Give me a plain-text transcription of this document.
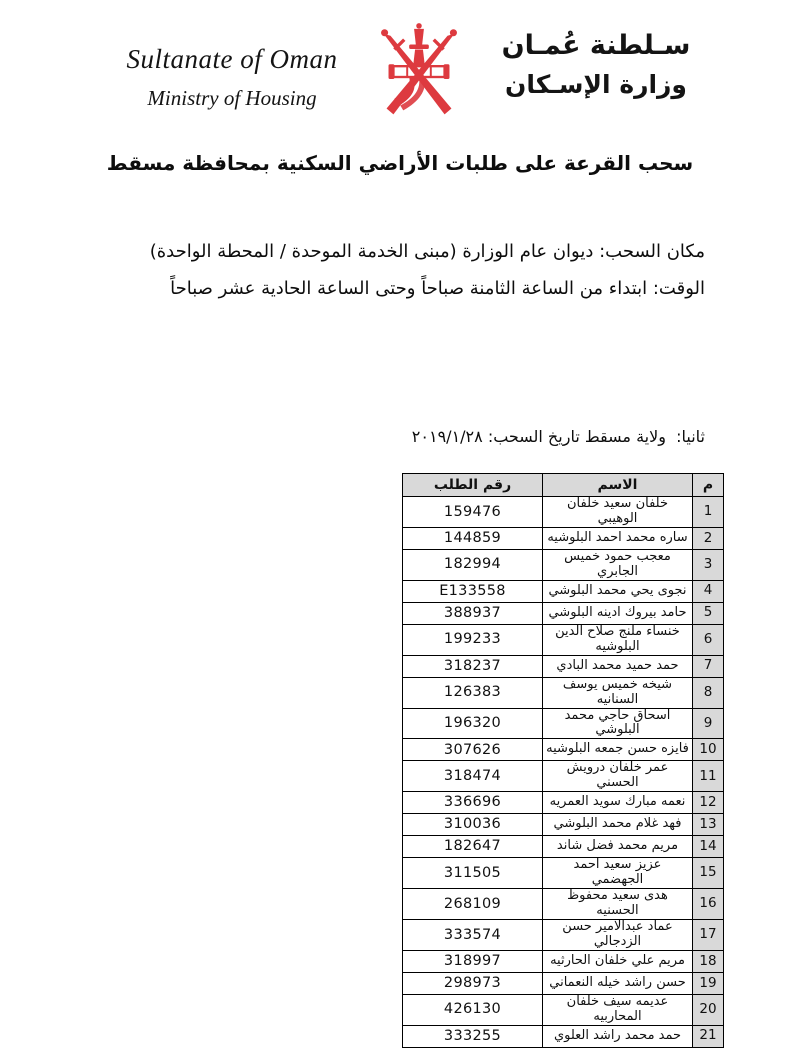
Sultanate of Oman
Ministry of Housing
سـلطنة عُمـان
وزارة الإسـكان
سحب القرعة على طلبات الأراضي السكنية بمحافظة مسقط
مكان السحب: ديوان عام الوزارة (مبنى الخدمة الموحدة / المحطة الواحدة)
الوقت: ابتداء من الساعة الثامنة صباحاً وحتى الساعة الحادية عشر صباحاً
ثانيا:  ولاية مسقط تاريخ السحب: ٢٠١٩/١/٢٨
م	الاسم	رقم الطلب
1	خلفان سعيد خلفان الوهيبي	159476
2	ساره محمد احمد البلوشيه	144859
3	معجب حمود خميس الجابري	182994
4	نجوى يحي محمد البلوشي	E133558
5	حامد بيروك ادينه البلوشي	388937
6	خنساء ملنج صلاح الدين البلوشيه	199233
7	حمد حميد محمد البادي	318237
8	شيخه خميس يوسف السنانيه	126383
9	اسحاق حاجي محمد البلوشي	196320
10	فايزه حسن جمعه البلوشيه	307626
11	عمر خلفان درويش الحسني	318474
12	نعمه مبارك سويد العمريه	336696
13	فهد غلام محمد البلوشي	310036
14	مريم محمد فضل شاند	182647
15	عزيز سعيد احمد الجهضمي	311505
16	هدى سعيد محفوظ الحسنيه	268109
17	عماد عبدالامير حسن الزدجالي	333574
18	مريم علي خلفان الحارثيه	318997
19	حسن راشد خيله النعماني	298973
20	عديمه سيف خلفان المحاربيه	426130
21	حمد محمد راشد العلوي	333255
